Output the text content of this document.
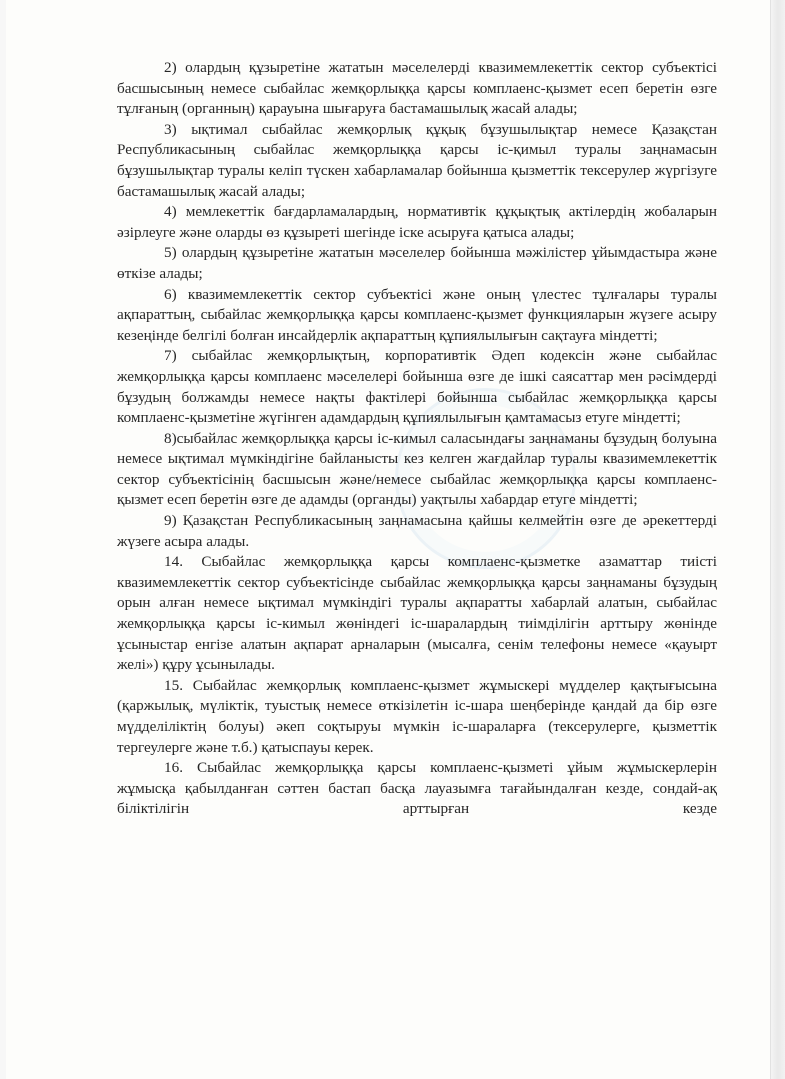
2) олардың құзыретіне жататын мәселелерді квазимемлекеттік сектор субъектісі басшысының немесе сыбайлас жемқорлыққа қарсы комплаенс-қызмет есеп беретін өзге тұлғаның (органның) қарауына шығаруға бастамашылық жасай алады;

3) ықтимал сыбайлас жемқорлық құқық бұзушылықтар немесе Қазақстан Республикасының сыбайлас жемқорлыққа қарсы іс-қимыл туралы заңнамасын бұзушылықтар туралы келіп түскен хабарламалар бойынша қызметтік тексерулер жүргізуге бастамашылық жасай алады;

4) мемлекеттік бағдарламалардың, нормативтік құқықтық актілердің жобаларын әзірлеуге және оларды өз құзыреті шегінде іске асыруға қатыса алады;

5) олардың құзыретіне жататын мәселелер бойынша мәжілістер ұйымдастыра және өткізе алады;

6) квазимемлекеттік сектор субъектісі және оның үлестес тұлғалары туралы ақпараттың, сыбайлас жемқорлыққа қарсы комплаенс-қызмет функцияларын жүзеге асыру кезеңінде белгілі болған инсайдерлік ақпараттың құпиялылығын сақтауға міндетті;

7) сыбайлас жемқорлықтың, корпоративтік Әдеп кодексін және сыбайлас жемқорлыққа қарсы комплаенс мәселелері бойынша өзге де ішкі саясаттар мен рәсімдерді бұзудың болжамды немесе нақты фактілері бойынша сыбайлас жемқорлыққа қарсы комплаенс-қызметіне жүгінген адамдардың құпиялылығын қамтамасыз етуге міндетті;

8)сыбайлас жемқорлыққа қарсы іс-кимыл саласындағы заңнаманы бұзудың болуына немесе ықтимал мүмкіндігіне байланысты кез келген жағдайлар туралы квазимемлекеттік сектор субъектісінің басшысын және/немесе сыбайлас жемқорлыққа қарсы комплаенс-қызмет есеп беретін өзге де адамды (органды) уақтылы хабардар етуге міндетті;

9) Қазақстан Республикасының заңнамасына қайшы келмейтін өзге де әрекеттерді жүзеге асыра алады.

14. Сыбайлас жемқорлыққа қарсы комплаенс-қызметке азаматтар тиісті квазимемлекеттік сектор субъектісінде сыбайлас жемқорлыққа қарсы заңнаманы бұзудың орын алған немесе ықтимал мүмкіндігі туралы ақпаратты хабарлай алатын, сыбайлас жемқорлыққа қарсы іс-кимыл жөніндегі іс-шаралардың тиімділігін арттыру жөнінде ұсыныстар енгізе алатын ақпарат арналарын (мысалға, сенім телефоны немесе «қауырт желі») құру ұсынылады.

15. Сыбайлас жемқорлық комплаенс-қызмет жұмыскері мүдделер қақтығысына (қаржылық, мүліктік, туыстық немесе өткізілетін іс-шара шеңберінде қандай да бір өзге мүдделіліктің болуы) әкеп соқтыруы мүмкін іс-шараларға (тексерулерге, қызметтік тергеулерге және т.б.) қатыспауы керек.

16. Сыбайлас жемқорлыққа қарсы комплаенс-қызметі ұйым жұмыскерлерін жұмысқа қабылданған сәттен бастап басқа лауазымға тағайындалған кезде, сондай-ақ біліктілігін арттырған кезде
